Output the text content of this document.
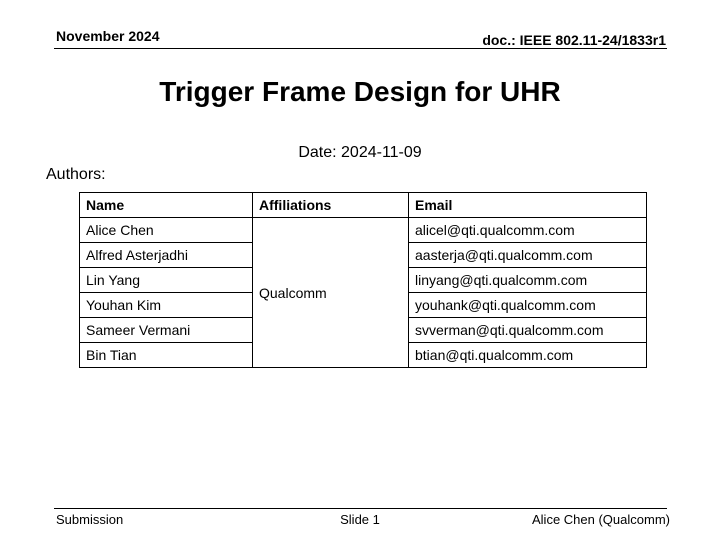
November 2024	doc.: IEEE 802.11-24/1833r1
Trigger Frame Design for UHR
Date: 2024-11-09
Authors:
Name	Affiliations	Email
Alice Chen	Qualcomm	alicel@qti.qualcomm.com
Alfred Asterjadhi		aasterja@qti.qualcomm.com
Lin Yang		linyang@qti.qualcomm.com
Youhan Kim		youhank@qti.qualcomm.com
Sameer Vermani		svverman@qti.qualcomm.com
Bin Tian		btian@qti.qualcomm.com
Submission	Slide 1	Alice Chen (Qualcomm)
